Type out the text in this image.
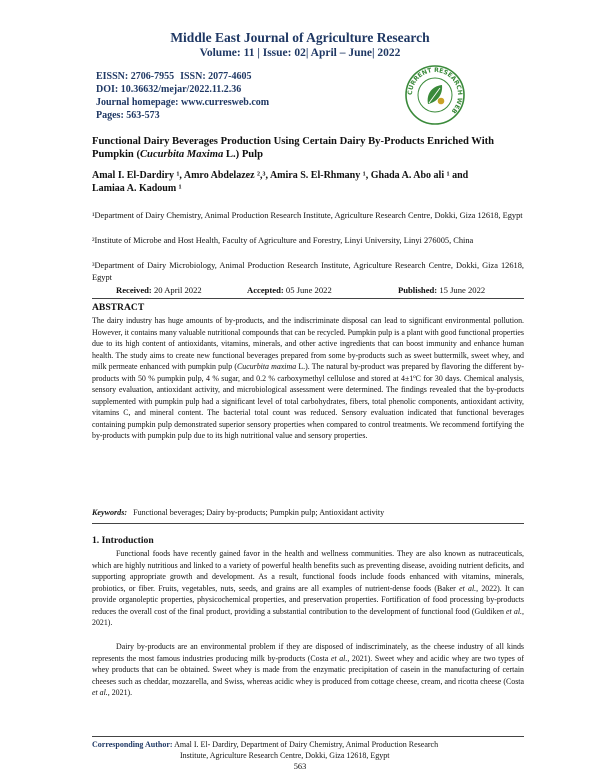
Middle East Journal of Agriculture Research
Volume: 11 | Issue: 02| April – June| 2022
EISSN: 2706-7955 ISSN: 2077-4605
DOI: 10.36632/mejar/2022.11.2.36
Journal homepage: www.curresweb.com
Pages: 563-573
CURRENT RESEARCH WEB
Functional Dairy Beverages Production Using Certain Dairy By-Products Enriched With Pumpkin (Cucurbita Maxima L.) Pulp
Amal I. El-Dardiry ¹, Amro Abdelazez ²,³, Amira S. El-Rhmany ¹, Ghada A. Abo ali ¹ and
Lamiaa A. Kadoum ¹
¹Department of Dairy Chemistry, Animal Production Research Institute, Agriculture Research Centre, Dokki, Giza 12618, Egypt
²Institute of Microbe and Host Health, Faculty of Agriculture and Forestry, Linyi University, Linyi 276005, China
³Department of Dairy Microbiology, Animal Production Research Institute, Agriculture Research Centre, Dokki, Giza 12618, Egypt
Received: 20 April 2022	Accepted: 05 June 2022	Published: 15 June 2022
ABSTRACT
The dairy industry has huge amounts of by-products, and the indiscriminate disposal can lead to significant environmental pollution. However, it contains many valuable nutritional compounds that can be recycled. Pumpkin pulp is a plant with good functional properties due to its high content of antioxidants, vitamins, minerals, and other active ingredients that can boost immunity and enhance human health. The study aims to create new functional beverages prepared from some by-products such as sweet buttermilk, sweet whey, and milk permeate enhanced with pumpkin pulp (Cucurbita maxima L.). The natural by-product was prepared by flavoring the different by-products with 50 % pumpkin pulp, 4 % sugar, and 0.2 % carboxymethyl cellulose and stored at 4±1ºC for 30 days. Chemical analysis, sensory evaluation, antioxidant activity, and microbiological assessment were determined. The findings revealed that the by-products supplemented with pumpkin pulp had a significant level of total carbohydrates, fibers, total phenolic components, antioxidant activity, vitamins C, and mineral content. The bacterial total count was reduced. Sensory evaluation indicated that functional beverages containing pumpkin pulp demonstrated superior sensory properties when compared to control treatments. We recommend fortifying the by-products with pumpkin pulp due to its high nutritional value and sensory properties.
Keywords: Functional beverages; Dairy by-products; Pumpkin pulp; Antioxidant activity
1. Introduction
Functional foods have recently gained favor in the health and wellness communities. They are also known as nutraceuticals, which are highly nutritious and linked to a variety of powerful health benefits such as preventing disease, avoiding nutrient deficits, and supporting appropriate growth and development. As a result, functional foods include foods enhanced with vitamins, minerals, probiotics, or fiber. Fruits, vegetables, nuts, seeds, and grains are all examples of nutrient-dense foods (Baker et al., 2022). It can provide organoleptic properties, physicochemical properties, and preservation properties. Fortification of food processing by-products reduces the overall cost of the final product, providing a substantial contribution to the development of functional food (Guldiken et al., 2021).
Dairy by-products are an environmental problem if they are disposed of indiscriminately, as the cheese industry of all kinds represents the most famous industries producing milk by-products (Costa et al., 2021). Sweet whey and acidic whey are two types of whey products that can be obtained. Sweet whey is made from the enzymatic precipitation of casein in the manufacturing of certain cheeses such as cheddar, mozzarella, and Swiss, whereas acidic whey is produced from cottage cheese, cream, and ricotta cheese (Costa et al., 2021).
Corresponding Author: Amal I. El- Dardiry, Department of Dairy Chemistry, Animal Production Research
Institute, Agriculture Research Centre, Dokki, Giza 12618, Egypt
563
